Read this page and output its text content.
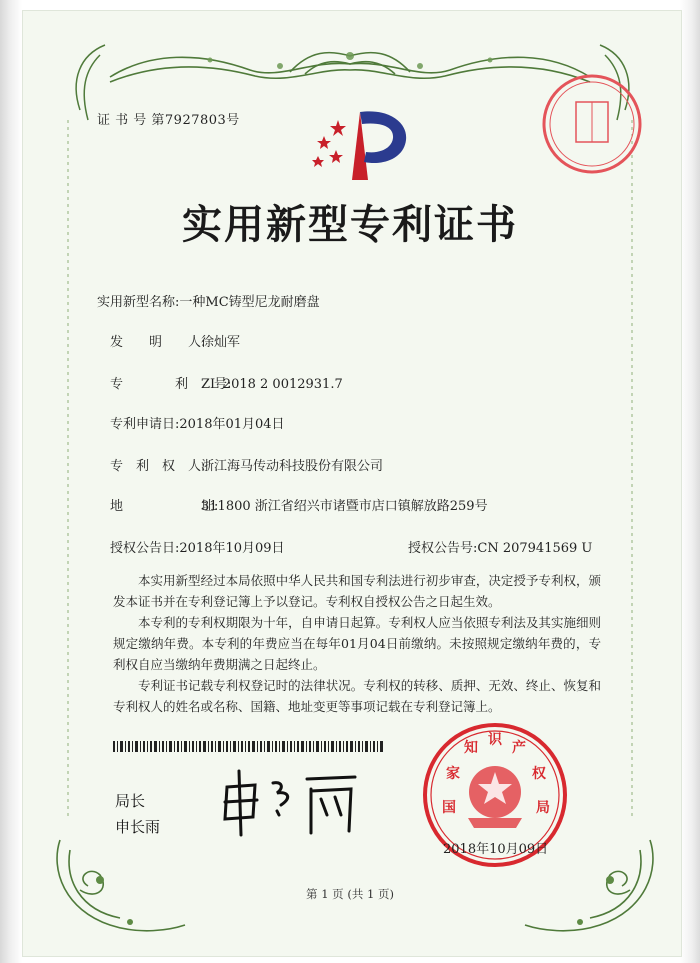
证 书 号 第7927803号
实用新型专利证书
实用新型名称:一种MC铸型尼龙耐磨盘
发　　明　　人:徐灿军
专　　　　利　　号:ZL 2018 2 0012931.7
专利申请日:2018年01月04日
专　利　权　人:浙江海马传动科技股份有限公司
地　　　　　　址:311800 浙江省绍兴市诸暨市店口镇解放路259号
授权公告日:2018年10月09日	授权公告号:CN 207941569 U
本实用新型经过本局依照中华人民共和国专利法进行初步审查，决定授予专利权，颁发本证书并在专利登记簿上予以登记。专利权自授权公告之日起生效。
本专利的专利权期限为十年，自申请日起算。专利权人应当依照专利法及其实施细则规定缴纳年费。本专利的年费应当在每年01月04日前缴纳。未按照规定缴纳年费的，专利权自应当缴纳年费期满之日起终止。
专利证书记载专利权登记时的法律状况。专利权的转移、质押、无效、终止、恢复和专利权人的姓名或名称、国籍、地址变更等事项记载在专利登记簿上。
局长
申长雨
国
家
知 识 产
权
局
2018年10月09日
第 1 页 (共 1 页)
